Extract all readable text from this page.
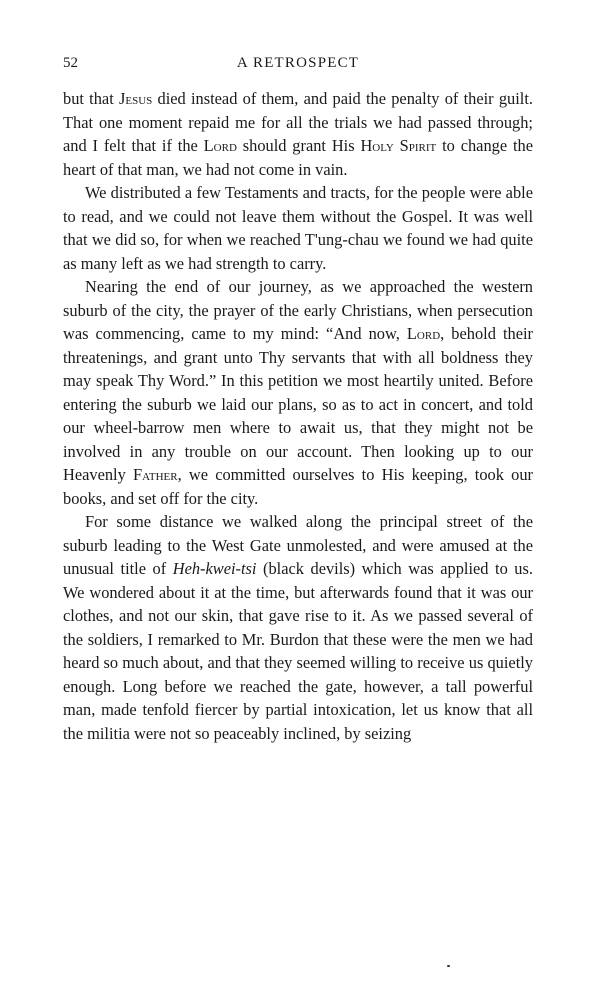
52	A RETROSPECT

but that Jesus died instead of them, and paid the penalty of their guilt. That one moment repaid me for all the trials we had passed through; and I felt that if the Lord should grant His Holy Spirit to change the heart of that man, we had not come in vain.

We distributed a few Testaments and tracts, for the people were able to read, and we could not leave them without the Gospel. It was well that we did so, for when we reached T'ung-chau we found we had quite as many left as we had strength to carry.

Nearing the end of our journey, as we approached the western suburb of the city, the prayer of the early Christians, when persecution was commencing, came to my mind: “And now, Lord, behold their threatenings, and grant unto Thy servants that with all boldness they may speak Thy Word.” In this petition we most heartily united. Before entering the suburb we laid our plans, so as to act in concert, and told our wheel-barrow men where to await us, that they might not be involved in any trouble on our account. Then looking up to our Heavenly Father, we committed ourselves to His keeping, took our books, and set off for the city.

For some distance we walked along the principal street of the suburb leading to the West Gate unmolested, and were amused at the unusual title of Heh-kwei-tsi (black devils) which was applied to us. We wondered about it at the time, but afterwards found that it was our clothes, and not our skin, that gave rise to it. As we passed several of the soldiers, I remarked to Mr. Burdon that these were the men we had heard so much about, and that they seemed willing to receive us quietly enough. Long before we reached the gate, however, a tall powerful man, made tenfold fiercer by partial intoxication, let us know that all the militia were not so peaceably inclined, by seizing
